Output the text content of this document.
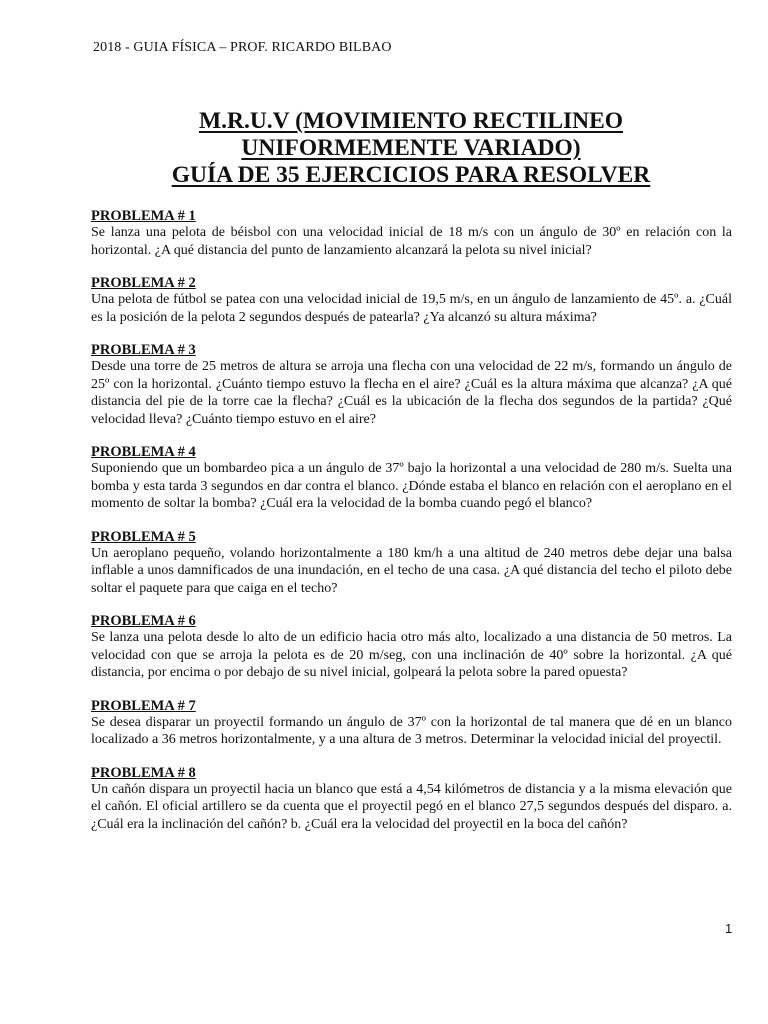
2018 - GUIA FÍSICA – PROF. RICARDO BILBAO
M.R.U.V (MOVIMIENTO RECTILINEO
UNIFORMEMENTE VARIADO)
GUÍA DE 35 EJERCICIOS PARA RESOLVER
PROBLEMA # 1
Se lanza una pelota de béisbol con una velocidad inicial de 18 m/s con un ángulo de 30º en relación con la horizontal. ¿A qué distancia del punto de lanzamiento alcanzará la pelota su nivel inicial?
PROBLEMA # 2
Una pelota de fútbol se patea con una velocidad inicial de 19,5 m/s, en un ángulo de lanzamiento de 45º. a. ¿Cuál es la posición de la pelota 2 segundos después de patearla? ¿Ya alcanzó su altura máxima?
PROBLEMA # 3
Desde una torre de 25 metros de altura se arroja una flecha con una velocidad de 22 m/s, formando un ángulo de 25º con la horizontal. ¿Cuánto tiempo estuvo la flecha en el aire? ¿Cuál es la altura máxima que alcanza? ¿A qué distancia del pie de la torre cae la flecha? ¿Cuál es la ubicación de la flecha dos segundos de la partida? ¿Qué velocidad lleva? ¿Cuánto tiempo estuvo en el aire?
PROBLEMA # 4
Suponiendo que un bombardeo pica a un ángulo de 37º bajo la horizontal a una velocidad de 280 m/s. Suelta una bomba y esta tarda 3 segundos en dar contra el blanco. ¿Dónde estaba el blanco en relación con el aeroplano en el momento de soltar la bomba? ¿Cuál era la velocidad de la bomba cuando pegó el blanco?
PROBLEMA # 5
Un aeroplano pequeño, volando horizontalmente a 180 km/h a una altitud de 240 metros debe dejar una balsa inflable a unos damnificados de una inundación, en el techo de una casa. ¿A qué distancia del techo el piloto debe soltar el paquete para que caiga en el techo?
PROBLEMA # 6
Se lanza una pelota desde lo alto de un edificio hacia otro más alto, localizado a una distancia de 50 metros. La velocidad con que se arroja la pelota es de 20 m/seg, con una inclinación de 40º sobre la horizontal. ¿A qué distancia, por encima o por debajo de su nivel inicial, golpeará la pelota sobre la pared opuesta?
PROBLEMA # 7
Se desea disparar un proyectil formando un ángulo de 37º con la horizontal de tal manera que dé en un blanco localizado a 36 metros horizontalmente, y a una altura de 3 metros. Determinar la velocidad inicial del proyectil.
PROBLEMA # 8
Un cañón dispara un proyectil hacia un blanco que está a 4,54 kilómetros de distancia y a la misma elevación que el cañón. El oficial artillero se da cuenta que el proyectil pegó en el blanco 27,5 segundos después del disparo. a. ¿Cuál era la inclinación del cañón? b. ¿Cuál era la velocidad del proyectil en la boca del cañón?
1
